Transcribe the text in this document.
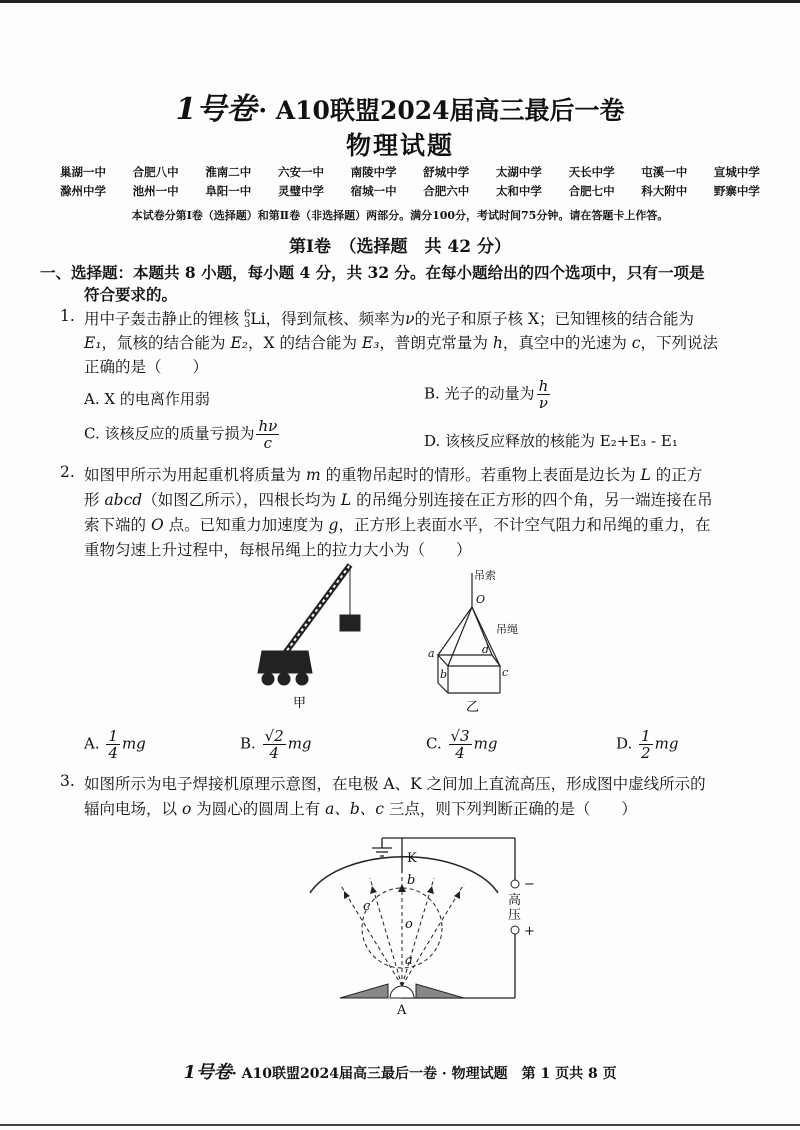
1号卷· A10联盟2024届高三最后一卷
物理试题
巢湖一中 合肥八中 淮南二中 六安一中 南陵中学 舒城中学 太湖中学 天长中学 屯溪一中 宣城中学
滁州中学 池州一中 阜阳一中 灵璧中学 宿城一中 合肥六中 太和中学 合肥七中 科大附中 野寨中学
本试卷分第Ⅰ卷（选择题）和第Ⅱ卷（非选择题）两部分。满分100分，考试时间75分钟。请在答题卡上作答。
第Ⅰ卷　（选择题　共 42 分）
一、选择题：本题共 8 小题，每小题 4 分，共 32 分。在每小题给出的四个选项中，只有一项是
符合要求的。
1. 用中子轰击静止的锂核 6
3 Li，得到氚核、频率为ν的光子和原子核 X；已知锂核的结合能为
E₁，氚核的结合能为 E₂，X 的结合能为 E₃，普朗克常量为 h，真空中的光速为 c，下列说法
正确的是（　　）
A. X 的电离作用弱	B. 光子的动量为 $\frac{h}{\nu}$
C. 该核反应的质量亏损为 $\frac{h\nu}{c}$	D. 该核反应释放的核能为 E₂+E₃ - E₁
2. 如图甲所示为用起重机将质量为 m 的重物吊起时的情形。若重物上表面是边长为 L 的正方
形 abcd（如图乙所示），四根长均为 L 的吊绳分别连接在正方形的四个角，另一端连接在吊
索下端的 O 点。已知重力加速度为 g，正方形上表面水平，不计空气阻力和吊绳的重力，在
重物匀速上升过程中，每根吊绳上的拉力大小为（　　）
甲
吊索
O
吊绳
a	d
b	c
乙
A. $\frac{1}{4}$ mg	B. $\frac{√2}{4}$ mg	C. $\frac{√3}{4}$ mg	D. $\frac{1}{2}$ mg
3. 如图所示为电子焊接机原理示意图，在电极 A、K 之间加上直流高压，形成图中虚线所示的
辐向电场，以 o 为圆心的圆周上有 a、b、c 三点，则下列判断正确的是（　　）
K
A
b
c
o
a
高
压
−
+
1号卷· A10联盟2024届高三最后一卷 · 物理试题　第 1 页共 8 页
